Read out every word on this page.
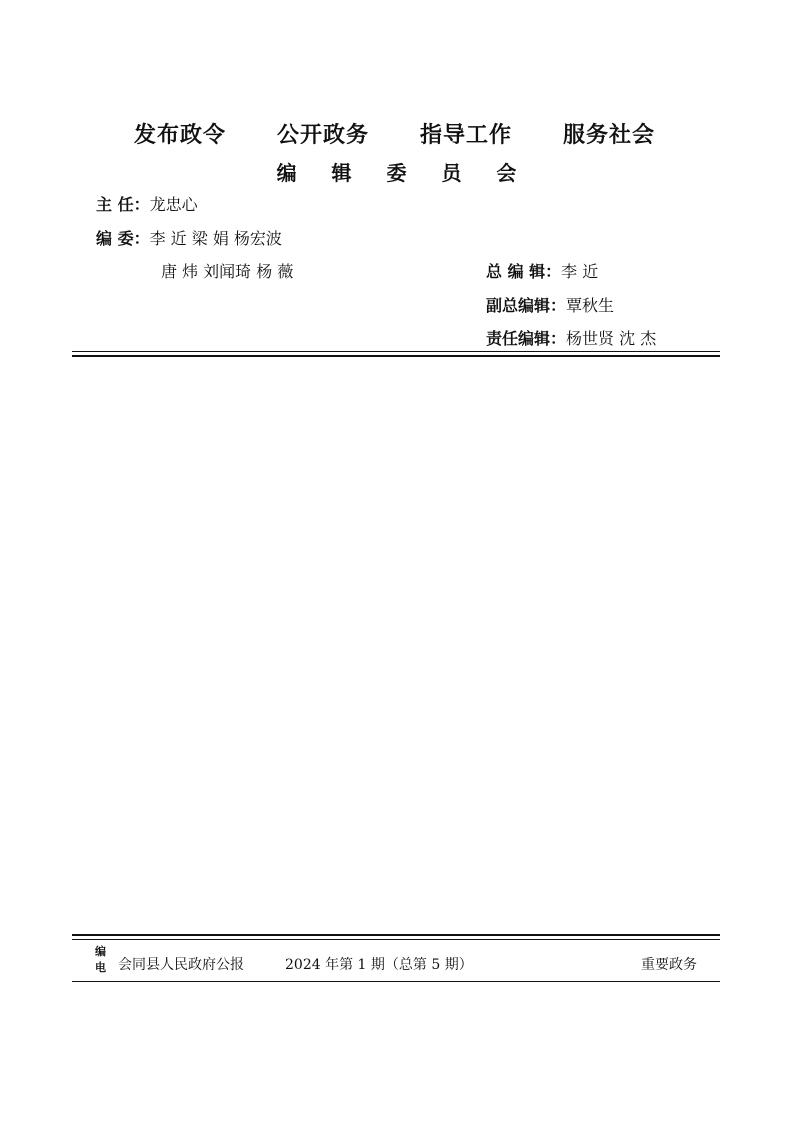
发布政令 公开政务 指导工作 服务社会
编 辑 委 员 会
主 任：龙忠心
编 委：李 近 梁 娟 杨宏波
唐 炜 刘闻琦 杨 薇	总 编 辑：李 近
副总编辑：覃秋生
责任编辑：杨世贤 沈 杰
编
电 会同县人民政府公报	2024 年第 1 期（总第 5 期）	重要政务
